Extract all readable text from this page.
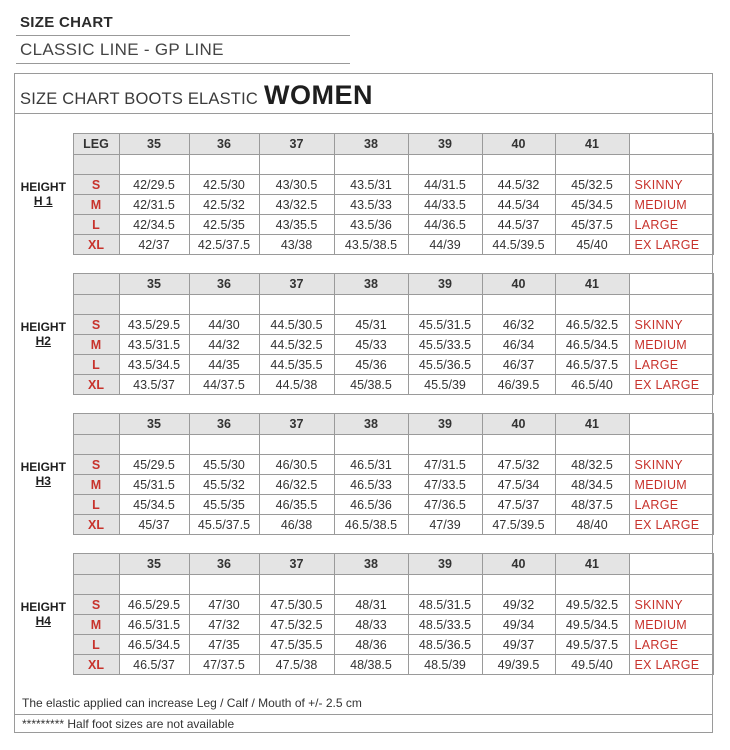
SIZE CHART
CLASSIC LINE - GP LINE
SIZE CHART BOOTS ELASTIC WOMEN
HEIGHT
H 1	LEG	35	36	37	38	39	40	41	

	S	42/29.5	42.5/30	43/30.5	43.5/31	44/31.5	44.5/32	45/32.5	SKINNY
	M	42/31.5	42.5/32	43/32.5	43.5/33	44/33.5	44.5/34	45/34.5	MEDIUM
	L	42/34.5	42.5/35	43/35.5	43.5/36	44/36.5	44.5/37	45/37.5	LARGE
	XL	42/37	42.5/37.5	43/38	43.5/38.5	44/39	44.5/39.5	45/40	EX LARGE
HEIGHT
H2		35	36	37	38	39	40	41	

	S	43.5/29.5	44/30	44.5/30.5	45/31	45.5/31.5	46/32	46.5/32.5	SKINNY
	M	43.5/31.5	44/32	44.5/32.5	45/33	45.5/33.5	46/34	46.5/34.5	MEDIUM
	L	43.5/34.5	44/35	44.5/35.5	45/36	45.5/36.5	46/37	46.5/37.5	LARGE
	XL	43.5/37	44/37.5	44.5/38	45/38.5	45.5/39	46/39.5	46.5/40	EX LARGE
HEIGHT
H3		35	36	37	38	39	40	41	

	S	45/29.5	45.5/30	46/30.5	46.5/31	47/31.5	47.5/32	48/32.5	SKINNY
	M	45/31.5	45.5/32	46/32.5	46.5/33	47/33.5	47.5/34	48/34.5	MEDIUM
	L	45/34.5	45.5/35	46/35.5	46.5/36	47/36.5	47.5/37	48/37.5	LARGE
	XL	45/37	45.5/37.5	46/38	46.5/38.5	47/39	47.5/39.5	48/40	EX LARGE
HEIGHT
H4		35	36	37	38	39	40	41	

	S	46.5/29.5	47/30	47.5/30.5	48/31	48.5/31.5	49/32	49.5/32.5	SKINNY
	M	46.5/31.5	47/32	47.5/32.5	48/33	48.5/33.5	49/34	49.5/34.5	MEDIUM
	L	46.5/34.5	47/35	47.5/35.5	48/36	48.5/36.5	49/37	49.5/37.5	LARGE
	XL	46.5/37	47/37.5	47.5/38	48/38.5	48.5/39	49/39.5	49.5/40	EX LARGE
The elastic applied can increase Leg / Calf / Mouth of +/- 2.5 cm
********* Half foot sizes are not available
